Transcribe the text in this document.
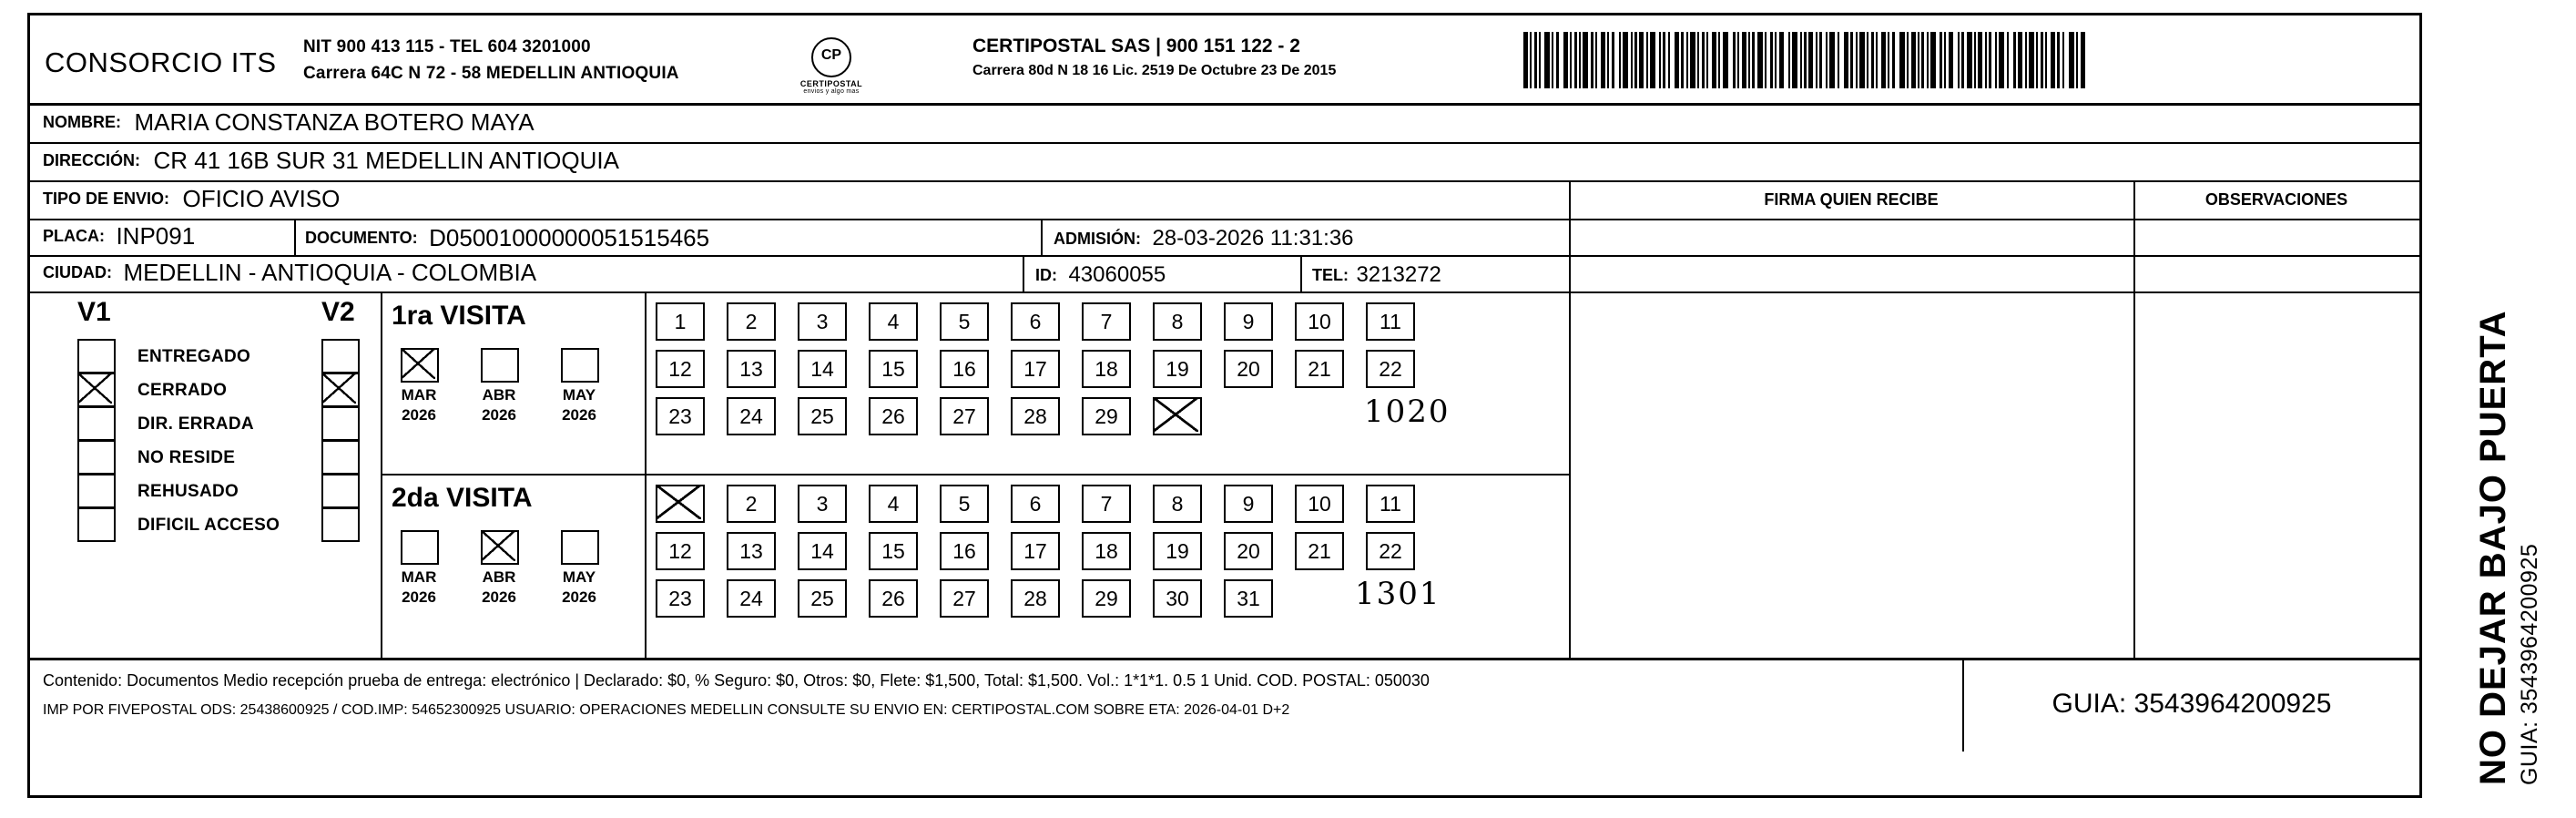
CONSORCIO ITS NIT 900 413 115 - TEL 604 3201000
Carrera 64C N 72 - 58 MEDELLIN ANTIOQUIA
CP
CERTIPOSTAL
envios y algo mas
CERTIPOSTAL SAS | 900 151 122 - 2
Carrera 80d N 18 16 Lic. 2519 De Octubre 23 De 2015
NOMBRE: MARIA CONSTANZA BOTERO MAYA
DIRECCIÓN: CR 41 16B SUR 31 MEDELLIN ANTIOQUIA
TIPO DE ENVIO: OFICIO AVISO	FIRMA QUIEN RECIBE	OBSERVACIONES
PLACA: INP091	DOCUMENTO: D05001000000051515465	ADMISIÓN: 28-03-2026 11:31:36
CIUDAD: MEDELLIN - ANTIOQUIA - COLOMBIA	ID: 43060055	TEL: 3213272
V1	V2
ENTREGADO
CERRADO
DIR. ERRADA
NO RESIDE
REHUSADO
DIFICIL ACCESO
1ra VISITA
MAR
2026
ABR
2026
MAY
2026
2da VISITA
MAR
2026
ABR
2026
MAY
2026
1	2	3	4	5	6	7	8	9	10	11
12	13	14	15	16	17	18	19	20	21	22
23	24	25	26	27	28	29	1020
2	3	4	5	6	7	8	9	10	11
12	13	14	15	16	17	18	19	20	21	22
23	24	25	26	27	28	29	30	31	1301
Contenido: Documentos Medio recepción prueba de entrega: electrónico | Declarado: $0, % Seguro: $0, Otros: $0, Flete: $1,500, Total: $1,500. Vol.: 1*1*1. 0.5 1 Unid. COD. POSTAL: 050030
IMP POR FIVEPOSTAL ODS: 25438600925 / COD.IMP: 54652300925 USUARIO: OPERACIONES MEDELLIN CONSULTE SU ENVIO EN: CERTIPOSTAL.COM SOBRE ETA: 2026-04-01 D+2	GUIA: 3543964200925	NO DEJAR BAJO PUERTA GUIA: 3543964200925
